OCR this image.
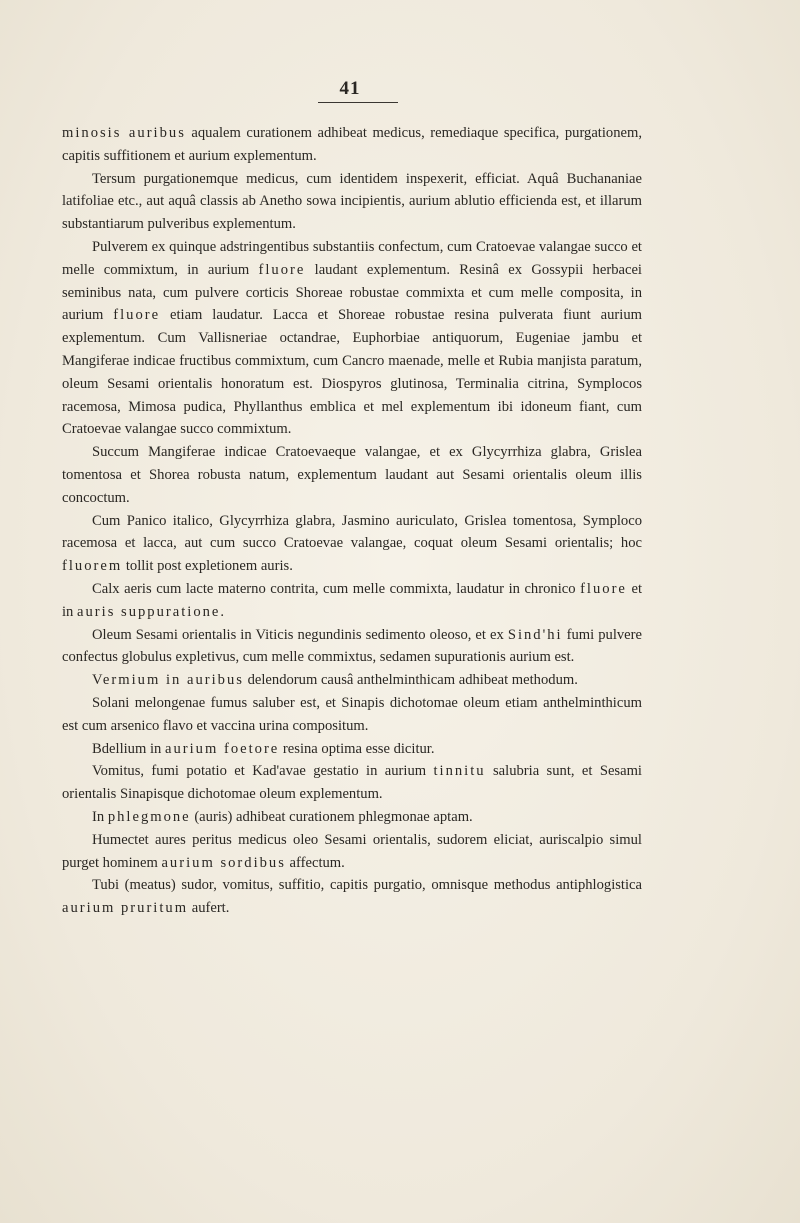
41

minosis auribus aqualem curationem adhibeat medicus, remediaque specifica, purgationem, capitis suffitionem et aurium explementum.

Tersum purgationemque medicus, cum identidem inspexerit, efficiat. Aquâ Buchananiae latifoliae etc., aut aquâ classis ab Anetho sowa incipientis, aurium ablutio efficienda est, et illarum substantiarum pulveribus explementum.

Pulverem ex quinque adstringentibus substantiis confectum, cum Cratoevae valangae succo et melle commixtum, in aurium fluore laudant explementum. Resinâ ex Gossypii herbacei seminibus nata, cum pulvere corticis Shoreae robustae commixta et cum melle composita, in aurium fluore etiam laudatur. Lacca et Shoreae robustae resina pulverata fiunt aurium explementum. Cum Vallisneriae octandrae, Euphorbiae antiquorum, Eugeniae jambu et Mangiferae indicae fructibus commixtum, cum Cancro maenade, melle et Rubia manjista paratum, oleum Sesami orientalis honoratum est. Diospyros glutinosa, Terminalia citrina, Symplocos racemosa, Mimosa pudica, Phyllanthus emblica et mel explementum ibi idoneum fiant, cum Cratoevae valangae succo commixtum.

Succum Mangiferae indicae Cratoevaeque valangae, et ex Glycyrrhiza glabra, Grislea tomentosa et Shorea robusta natum, explementum laudant aut Sesami orientalis oleum illis concoctum.

Cum Panico italico, Glycyrrhiza glabra, Jasmino auriculato, Grislea tomentosa, Symploco racemosa et lacca, aut cum succo Cratoevae valangae, coquat oleum Sesami orientalis; hoc fluorem tollit post expletionem auris.

Calx aeris cum lacte materno contrita, cum melle commixta, laudatur in chronico fluore et in auris suppuratione.

Oleum Sesami orientalis in Viticis negundinis sedimento oleoso, et ex Sind'hi fumi pulvere confectus globulus expletivus, cum melle commixtus, sedamen supurationis aurium est.

Vermium in auribus delendorum causâ anthelminthicam adhibeat methodum.

Solani melongenae fumus saluber est, et Sinapis dichotomae oleum etiam anthelminthicum est cum arsenico flavo et vaccina urina compositum.

Bdellium in aurium foetore resina optima esse dicitur.

Vomitus, fumi potatio et Kad'avae gestatio in aurium tinnitu salubria sunt, et Sesami orientalis Sinapisque dichotomae oleum explementum.

In phlegmone (auris) adhibeat curationem phlegmonae aptam.

Humectet aures peritus medicus oleo Sesami orientalis, sudorem eliciat, auriscalpio simul purget hominem aurium sordibus affectum.

Tubi (meatus) sudor, vomitus, suffitio, capitis purgatio, omnisque methodus antiphlogistica aurium pruritum aufert.
